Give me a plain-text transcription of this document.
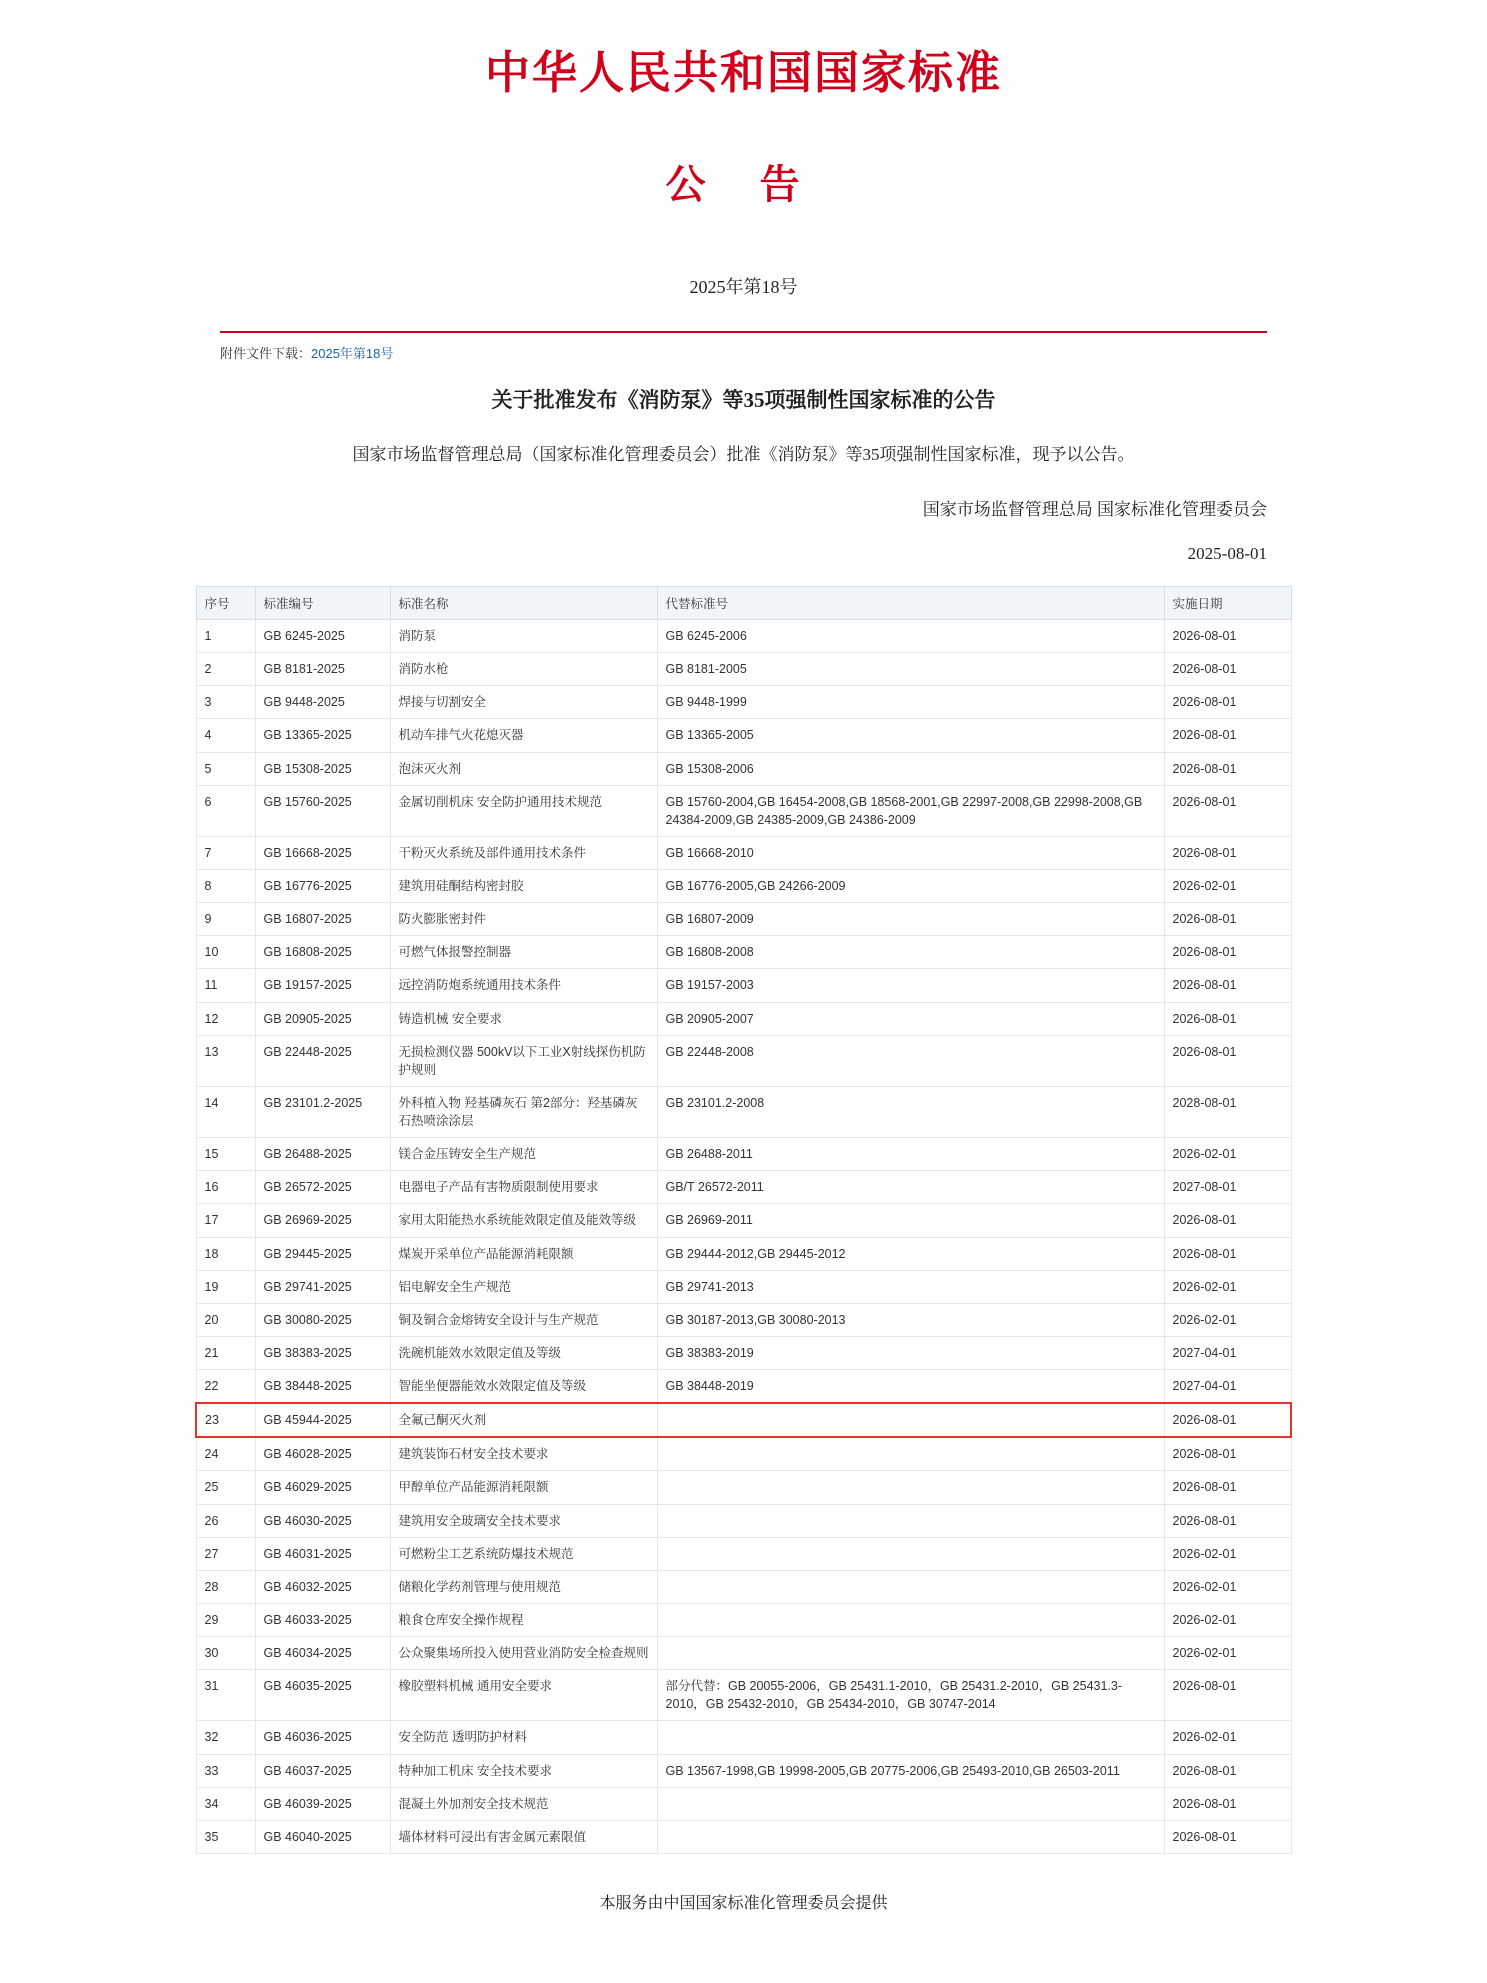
中华人民共和国国家标准
公 告
2025年第18号
附件文件下载：2025年第18号
关于批准发布《消防泵》等35项强制性国家标准的公告
国家市场监督管理总局（国家标准化管理委员会）批准《消防泵》等35项强制性国家标准，现予以公告。
国家市场监督管理总局 国家标准化管理委员会
2025-08-01
序号	标准编号	标准名称	代替标准号	实施日期
1	GB 6245-2025	消防泵	GB 6245-2006	2026-08-01
2	GB 8181-2025	消防水枪	GB 8181-2005	2026-08-01
3	GB 9448-2025	焊接与切割安全	GB 9448-1999	2026-08-01
4	GB 13365-2025	机动车排气火花熄灭器	GB 13365-2005	2026-08-01
5	GB 15308-2025	泡沫灭火剂	GB 15308-2006	2026-08-01
6	GB 15760-2025	金属切削机床 安全防护通用技术规范	GB 15760-2004,GB 16454-2008,GB 18568-2001,GB 22997-2008,GB 22998-2008,GB 24384-2009,GB 24385-2009,GB 24386-2009	2026-08-01
7	GB 16668-2025	干粉灭火系统及部件通用技术条件	GB 16668-2010	2026-08-01
8	GB 16776-2025	建筑用硅酮结构密封胶	GB 16776-2005,GB 24266-2009	2026-02-01
9	GB 16807-2025	防火膨胀密封件	GB 16807-2009	2026-08-01
10	GB 16808-2025	可燃气体报警控制器	GB 16808-2008	2026-08-01
11	GB 19157-2025	远控消防炮系统通用技术条件	GB 19157-2003	2026-08-01
12	GB 20905-2025	铸造机械 安全要求	GB 20905-2007	2026-08-01
13	GB 22448-2025	无损检测仪器 500kV以下工业X射线探伤机防护规则	GB 22448-2008	2026-08-01
14	GB 23101.2-2025	外科植入物 羟基磷灰石 第2部分：羟基磷灰石热喷涂涂层	GB 23101.2-2008	2028-08-01
15	GB 26488-2025	镁合金压铸安全生产规范	GB 26488-2011	2026-02-01
16	GB 26572-2025	电器电子产品有害物质限制使用要求	GB/T 26572-2011	2027-08-01
17	GB 26969-2025	家用太阳能热水系统能效限定值及能效等级	GB 26969-2011	2026-08-01
18	GB 29445-2025	煤炭开采单位产品能源消耗限额	GB 29444-2012,GB 29445-2012	2026-08-01
19	GB 29741-2025	铝电解安全生产规范	GB 29741-2013	2026-02-01
20	GB 30080-2025	铜及铜合金熔铸安全设计与生产规范	GB 30187-2013,GB 30080-2013	2026-02-01
21	GB 38383-2025	洗碗机能效水效限定值及等级	GB 38383-2019	2027-04-01
22	GB 38448-2025	智能坐便器能效水效限定值及等级	GB 38448-2019	2027-04-01
23	GB 45944-2025	全氟己酮灭火剂		2026-08-01
24	GB 46028-2025	建筑装饰石材安全技术要求		2026-08-01
25	GB 46029-2025	甲醇单位产品能源消耗限额		2026-08-01
26	GB 46030-2025	建筑用安全玻璃安全技术要求		2026-08-01
27	GB 46031-2025	可燃粉尘工艺系统防爆技术规范		2026-02-01
28	GB 46032-2025	储粮化学药剂管理与使用规范		2026-02-01
29	GB 46033-2025	粮食仓库安全操作规程		2026-02-01
30	GB 46034-2025	公众聚集场所投入使用营业消防安全检查规则		2026-02-01
31	GB 46035-2025	橡胶塑料机械 通用安全要求	部分代替：GB 20055-2006，GB 25431.1-2010，GB 25431.2-2010，GB 25431.3-2010，GB 25432-2010，GB 25434-2010，GB 30747-2014	2026-08-01
32	GB 46036-2025	安全防范 透明防护材料		2026-02-01
33	GB 46037-2025	特种加工机床 安全技术要求	GB 13567-1998,GB 19998-2005,GB 20775-2006,GB 25493-2010,GB 26503-2011	2026-08-01
34	GB 46039-2025	混凝土外加剂安全技术规范		2026-08-01
35	GB 46040-2025	墙体材料可浸出有害金属元素限值		2026-08-01
本服务由中国国家标准化管理委员会提供
